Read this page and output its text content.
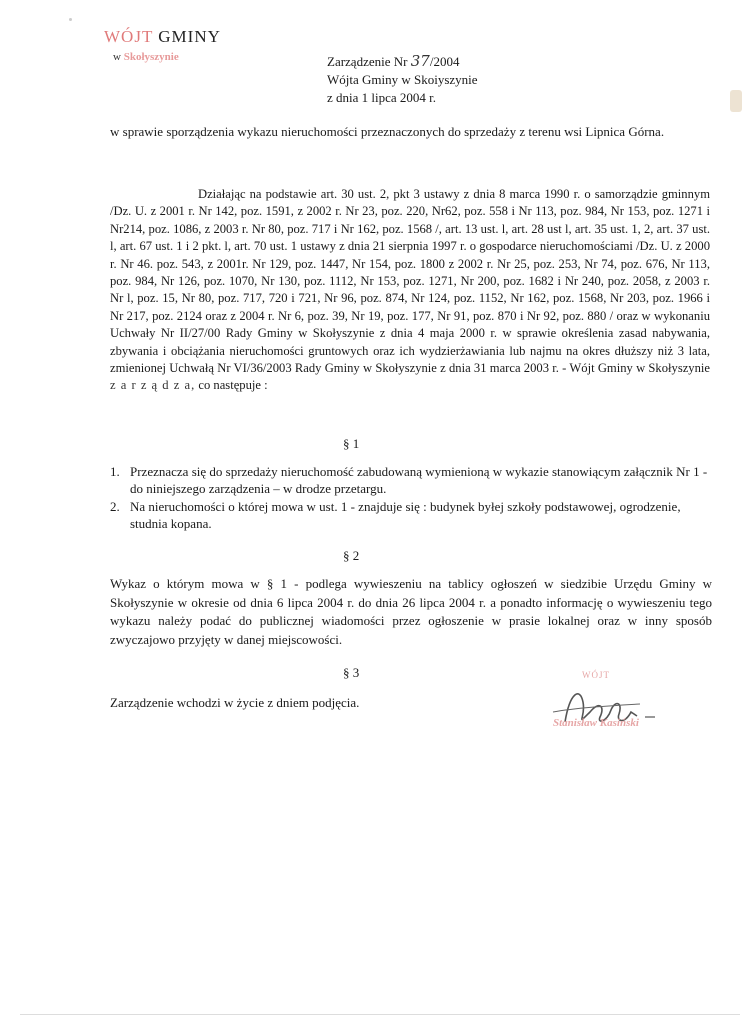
WÓJT GMINY
w Skołyszynie	Zarządzenie Nr 37/2004
Wójta Gminy w Skoiyszynie
z dnia 1 lipca 2004 r.
w sprawie sporządzenia wykazu nieruchomości przeznaczonych do sprzedaży z terenu wsi Lipnica Górna.
Działając na podstawie art. 30 ust. 2, pkt 3 ustawy z dnia 8 marca 1990 r. o samorządzie gminnym /Dz. U. z 2001 r. Nr 142, poz. 1591, z 2002 r. Nr 23, poz. 220, Nr62, poz. 558 i Nr 113, poz. 984, Nr 153, poz. 1271 i Nr214, poz. 1086, z 2003 r. Nr 80, poz. 717 i Nr 162, poz. 1568 /, art. 13 ust. l, art. 28 ust l, art. 35 ust. 1, 2, art. 37 ust. l, art. 67 ust. 1 i 2 pkt. l, art. 70 ust. 1 ustawy z dnia 21 sierpnia 1997 r. o gospodarce nieruchomościami /Dz. U. z 2000 r. Nr 46. poz. 543, z 2001r. Nr 129, poz. 1447, Nr 154, poz. 1800 z 2002 r. Nr 25, poz. 253, Nr 74, poz. 676, Nr 113, poz. 984, Nr 126, poz. 1070, Nr 130, poz. 1112, Nr 153, poz. 1271, Nr 200, poz. 1682 i Nr 240, poz. 2058, z 2003 r. Nr l, poz. 15, Nr 80, poz. 717, 720 i 721, Nr 96, poz. 874, Nr 124, poz. 1152, Nr 162, poz. 1568, Nr 203, poz. 1966 i Nr 217, poz. 2124 oraz z 2004 r. Nr 6, poz. 39, Nr 19, poz. 177, Nr 91, poz. 870 i Nr 92, poz. 880 / oraz w wykonaniu Uchwały Nr II/27/00 Rady Gminy w Skołyszynie z dnia 4 maja 2000 r. w sprawie określenia zasad nabywania, zbywania i obciążania nieruchomości gruntowych oraz ich wydzierżawiania lub najmu na okres dłuższy niż 3 lata, zmienionej Uchwałą Nr VI/36/2003 Rady Gminy w Skołyszynie z dnia 31 marca 2003 r. - Wójt Gminy w Skołyszynie z a r z ą d z a, co następuje :
§ 1
1. Przeznacza się do sprzedaży nieruchomość zabudowaną wymienioną w wykazie stanowiącym załącznik Nr 1 - do niniejszego zarządzenia – w drodze przetargu.
2. Na nieruchomości o której mowa w ust. 1 - znajduje się : budynek byłej szkoły podstawowej, ogrodzenie, studnia kopana.
§ 2
Wykaz o którym mowa w § 1 - podlega wywieszeniu na tablicy ogłoszeń w siedzibie Urzędu Gminy w Skołyszynie w okresie od dnia 6 lipca 2004 r. do dnia 26 lipca 2004 r. a ponadto informację o wywieszeniu tego wykazu należy podać do publicznej wiadomości przez ogłoszenie w prasie lokalnej oraz w inny sposób zwyczajowo przyjęty w danej miejscowości.
§ 3
Zarządzenie wchodzi w życie z dniem podjęcia.
WÓJT
Stanisław Kasiński
